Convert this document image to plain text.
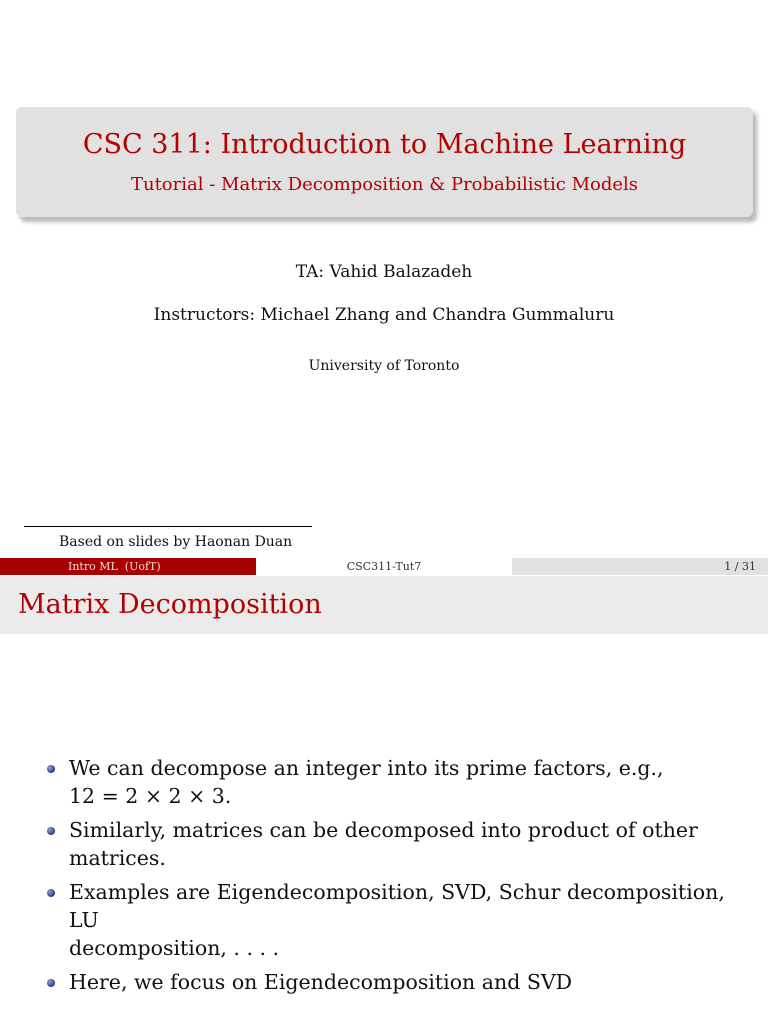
CSC 311: Introduction to Machine Learning
Tutorial - Matrix Decomposition & Probabilistic Models
TA: Vahid Balazadeh
Instructors: Michael Zhang and Chandra Gummaluru
University of Toronto
Based on slides by Haonan Duan
Intro ML  (UofT)	CSC311-Tut7	1 / 31
Matrix Decomposition
We can decompose an integer into its prime factors, e.g.,
12 = 2 × 2 × 3.
Similarly, matrices can be decomposed into product of other
matrices.
Examples are Eigendecomposition, SVD, Schur decomposition, LU
decomposition, . . . .
Here, we focus on Eigendecomposition and SVD
